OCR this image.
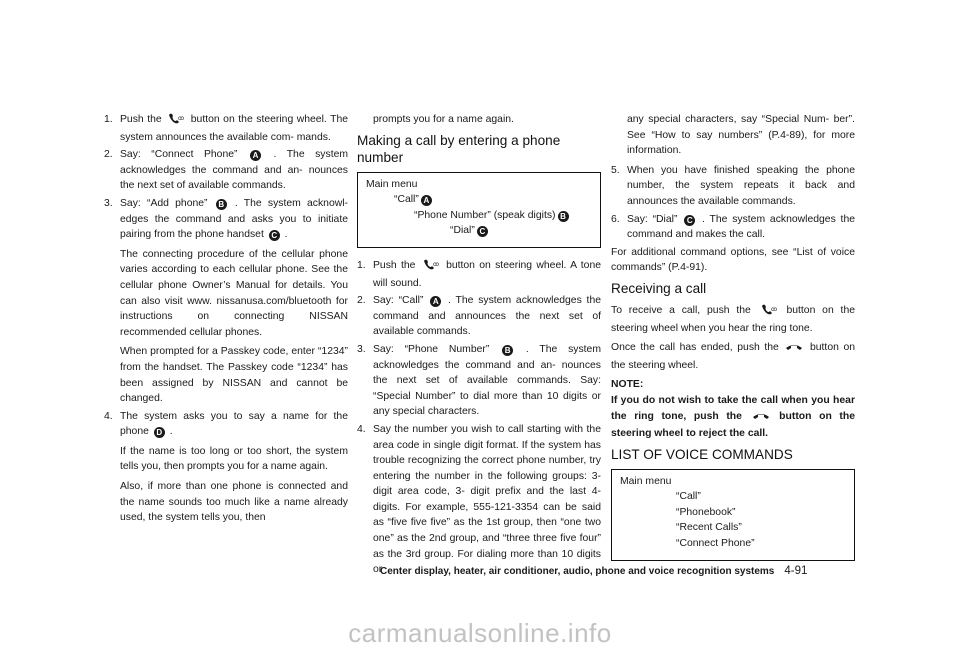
1. Push the	ꝏ button on the steering wheel. The system announces the available com- mands.
2. Say: “Connect Phone” A . The system acknowledges the command and an- nounces the next set of available commands.
3. Say: “Add phone” B . The system acknowl- edges the command and asks you to initiate pairing from the phone handset C .
The connecting procedure of the cellular phone varies according to each cellular phone. See the cellular phone Owner’s Manual for details. You can also visit www. nissanusa.com/bluetooth for instructions on connecting NISSAN recommended cellular phones.
When prompted for a Passkey code, enter “1234” from the handset. The Passkey code “1234” has been assigned by NISSAN and cannot be changed.
4. The system asks you to say a name for the phone D .
If the name is too long or too short, the system tells you, then prompts you for a name again.
Also, if more than one phone is connected and the name sounds too much like a name already used, the system tells you, then
prompts you for a name again.
Making a call by entering a phone number
Main menu
“Call” A
“Phone Number” (speak digits) B
“Dial” C
1. Push the	ꝏ button on steering wheel. A tone will sound.
2. Say: “Call” A . The system acknowledges the command and announces the next set of available commands.
3. Say: “Phone Number” B . The system acknowledges the command and an- nounces the next set of available commands. Say: “Special Number” to dial more than 10 digits or any special characters.
4. Say the number you wish to call starting with the area code in single digit format. If the system has trouble recognizing the correct phone number, try entering the number in the following groups: 3-digit area code, 3- digit prefix and the last 4-digits. For example, 555-121-3354 can be said as “five five five” as the 1st group, then “one two one” as the 2nd group, and “three three five four” as the 3rd group. For dialing more than 10 digits or
any special characters, say “Special Num- ber”. See “How to say numbers” (P.4-89), for more information.
5. When you have finished speaking the phone number, the system repeats it back and announces the available commands.
6. Say: “Dial” C . The system acknowledges the command and makes the call.
For additional command options, see “List of voice commands” (P.4-91).
Receiving a call
To receive a call, push the	ꝏ button on the steering wheel when you hear the ring tone.
Once the call has ended, push the	button on the steering wheel.
NOTE:
If you do not wish to take the call when you hear the ring tone, push the	button on the steering wheel to reject the call.
LIST OF VOICE COMMANDS
Main menu
“Call”
“Phonebook”
“Recent Calls”
“Connect Phone”
Center display, heater, air conditioner, audio, phone and voice recognition systems 4-91
carmanualsonline.info
